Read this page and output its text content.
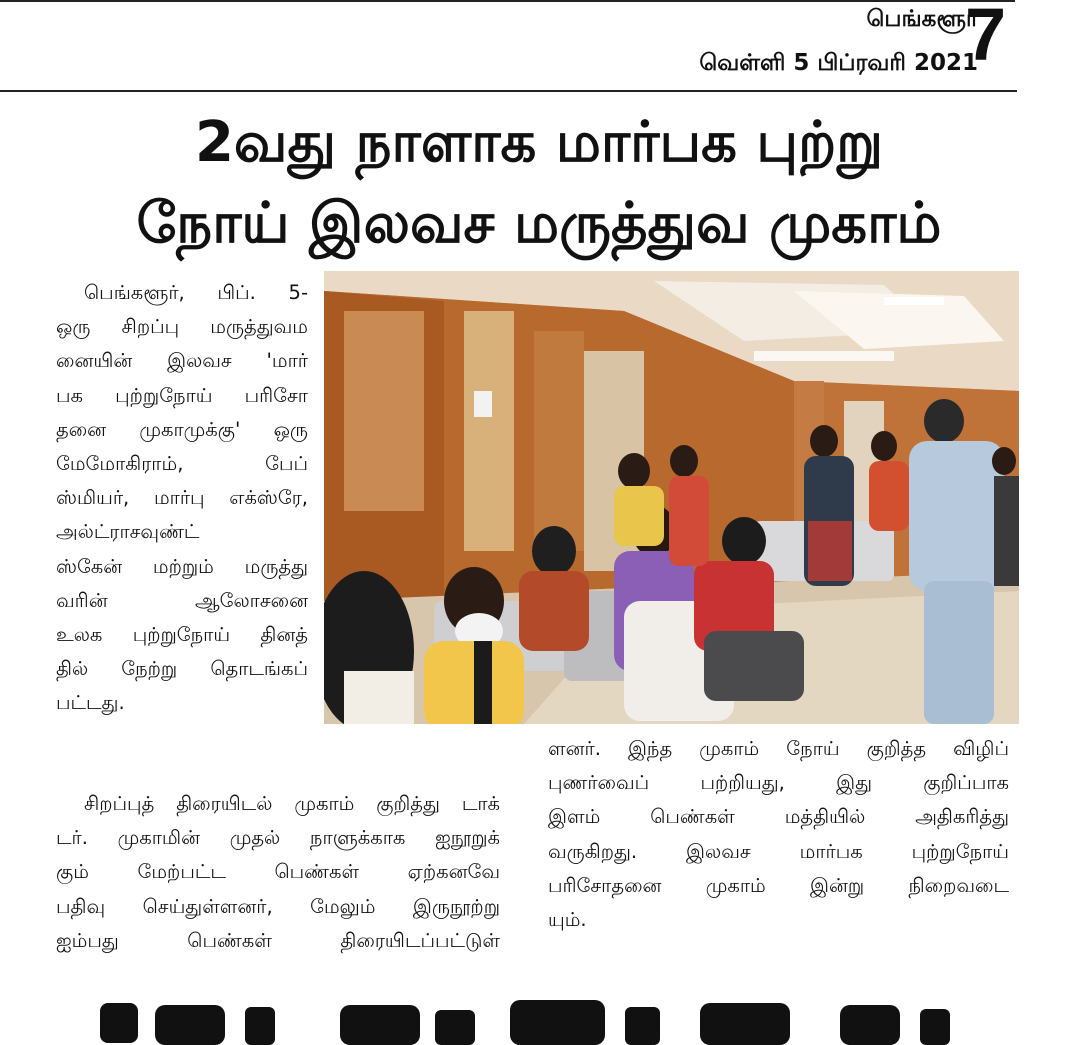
பெங்களூர்
வெள்ளி 5 பிப்ரவரி 2021
7
2வது நாளாக மார்பக புற்று
நோய் இலவச மருத்துவ முகாம்
பெங்களூர், பிப். 5-
ஒரு சிறப்பு மருத்துவம
னையின் இலவச 'மார்
பக புற்றுநோய் பரிசோ
தனை முகாமுக்கு' ஒரு
மேமோகிராம், பேப்
ஸ்மியர், மார்பு எக்ஸ்ரே,
அல்ட்ராசவுண்ட்
ஸ்கேன் மற்றும் மருத்து
வரின் ஆலோசனை
உலக புற்றுநோய் தினத்
தில் நேற்று தொடங்கப்
பட்டது.
சிறப்புத் திரையிடல் முகாம் குறித்து டாக்
டர். முகாமின் முதல் நாளுக்காக ஐநூறுக்
கும் மேற்பட்ட பெண்கள் ஏற்கனவே
பதிவு செய்துள்ளனர், மேலும் இருநூற்று
ஐம்பது பெண்கள் திரையிடப்பட்டுள்
ளனர். இந்த முகாம் நோய் குறித்த விழிப்
புணர்வைப் பற்றியது, இது குறிப்பாக
இளம் பெண்கள் மத்தியில் அதிகரித்து
வருகிறது. இலவச மார்பக புற்றுநோய்
பரிசோதனை முகாம் இன்று நிறைவடை
யும்.
